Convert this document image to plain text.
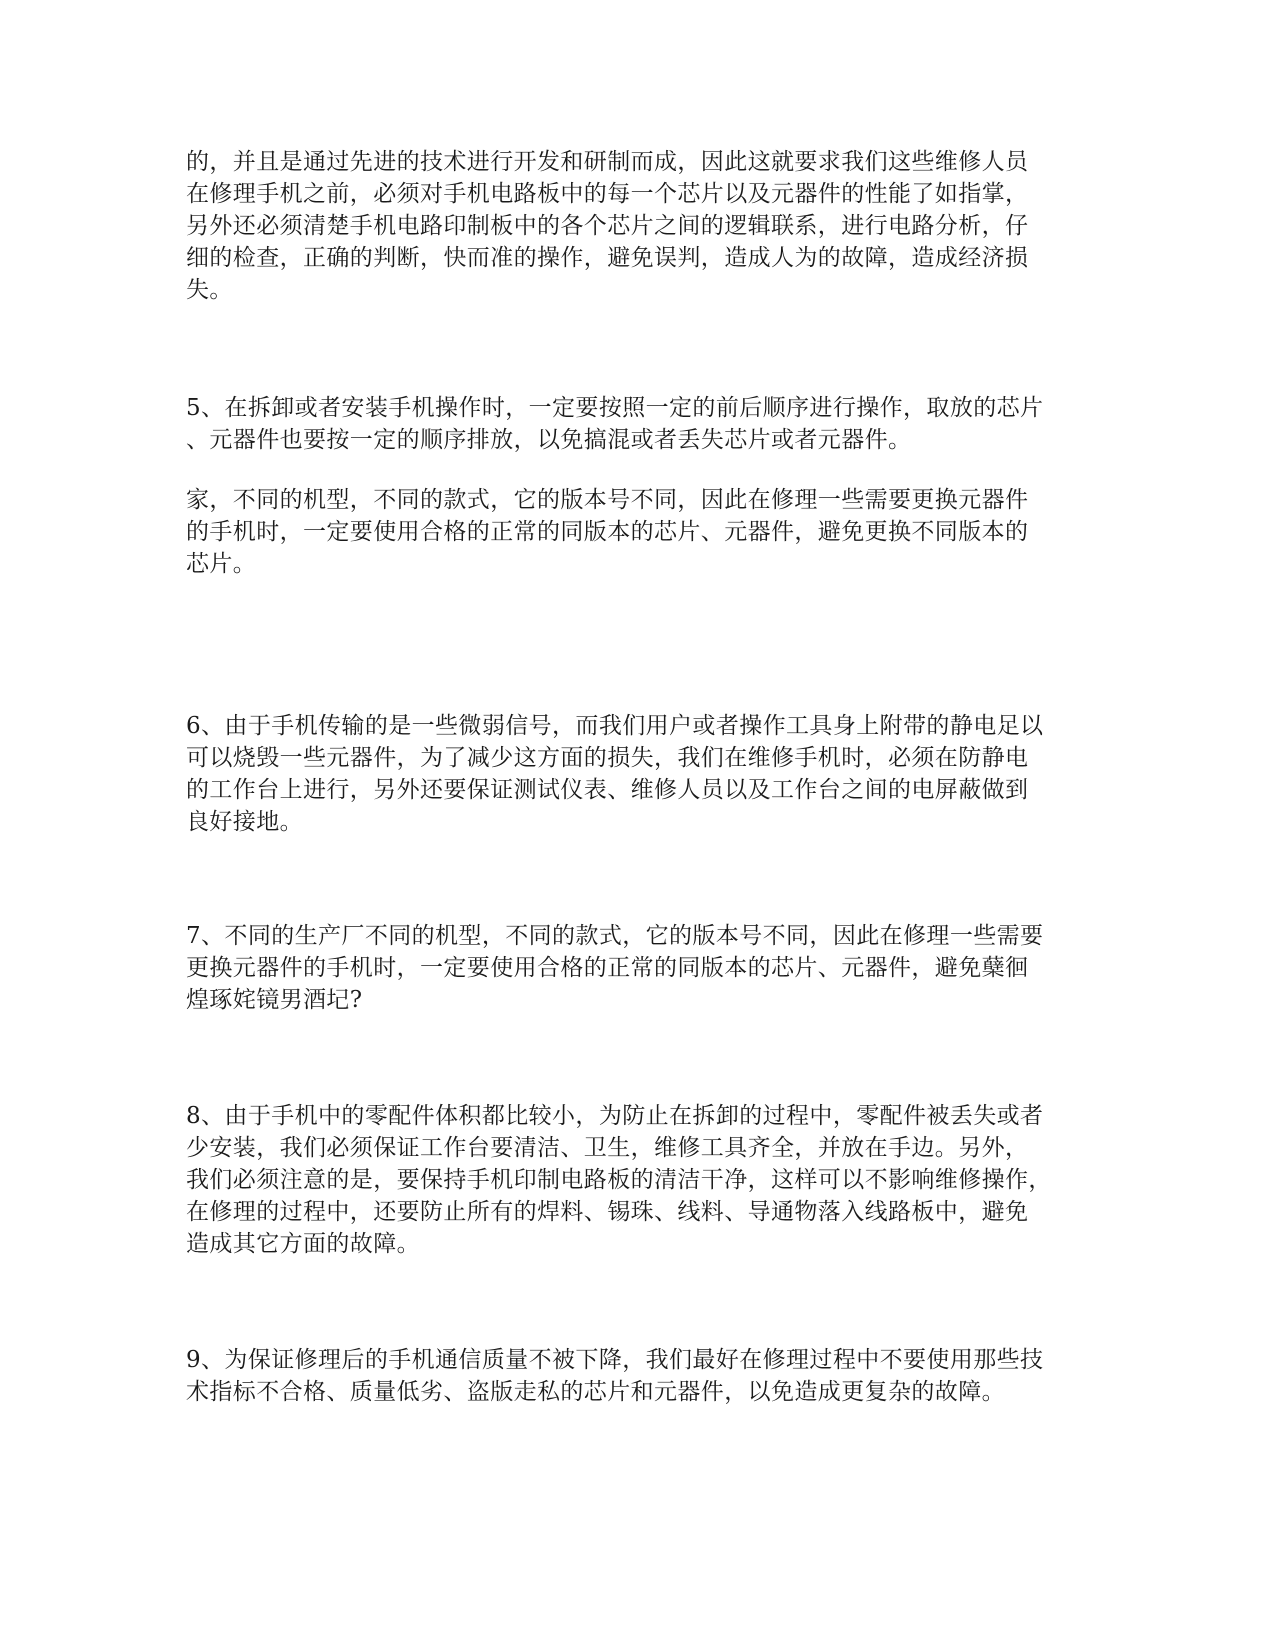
的，并且是通过先进的技术进行开发和研制而成，因此这就要求我们这些维修人员

在修理手机之前，必须对手机电路板中的每一个芯片以及元器件的性能了如指掌，

另外还必须清楚手机电路印制板中的各个芯片之间的逻辑联系，进行电路分析，仔

细的检查，正确的判断，快而准的操作，避免误判，造成人为的故障，造成经济损

失。

5、在拆卸或者安装手机操作时，一定要按照一定的前后顺序进行操作，取放的芯片

、元器件也要按一定的顺序排放，以免搞混或者丢失芯片或者元器件。

家，不同的机型，不同的款式，它的版本号不同，因此在修理一些需要更换元器件

的手机时，一定要使用合格的正常的同版本的芯片、元器件，避免更换不同版本的

芯片。

6、由于手机传输的是一些微弱信号，而我们用户或者操作工具身上附带的静电足以

可以烧毁一些元器件，为了减少这方面的损失，我们在维修手机时，必须在防静电

的工作台上进行，另外还要保证测试仪表、维修人员以及工作台之间的电屏蔽做到

良好接地。

7、不同的生产厂不同的机型，不同的款式，它的版本号不同，因此在修理一些需要

更换元器件的手机时，一定要使用合格的正常的同版本的芯片、元器件，避免蘖徊

煌琢姹镜男酒圮?

8、由于手机中的零配件体积都比较小，为防止在拆卸的过程中，零配件被丢失或者

少安装，我们必须保证工作台要清洁、卫生，维修工具齐全，并放在手边。另外，

我们必须注意的是，要保持手机印制电路板的清洁干净，这样可以不影响维修操作，

在修理的过程中，还要防止所有的焊料、锡珠、线料、导通物落入线路板中，避免

造成其它方面的故障。

9、为保证修理后的手机通信质量不被下降，我们最好在修理过程中不要使用那些技

术指标不合格、质量低劣、盗版走私的芯片和元器件，以免造成更复杂的故障。
